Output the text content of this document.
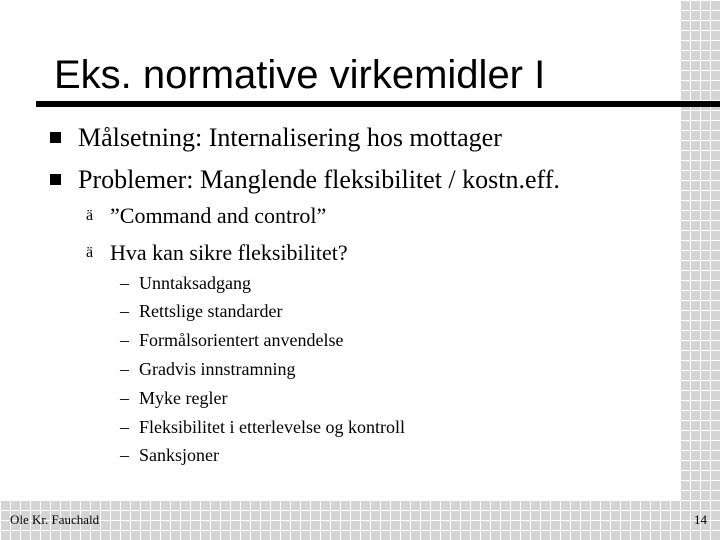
Eks. normative virkemidler I
Målsetning: Internalisering hos mottager
Problemer: Manglende fleksibilitet / kostn.eff.
ä ”Command and control”
ä Hva kan sikre fleksibilitet?
– Unntaksadgang
– Rettslige standarder
– Formålsorientert anvendelse
– Gradvis innstramning
– Myke regler
– Fleksibilitet i etterlevelse og kontroll
– Sanksjoner
Ole Kr. Fauchald	14
